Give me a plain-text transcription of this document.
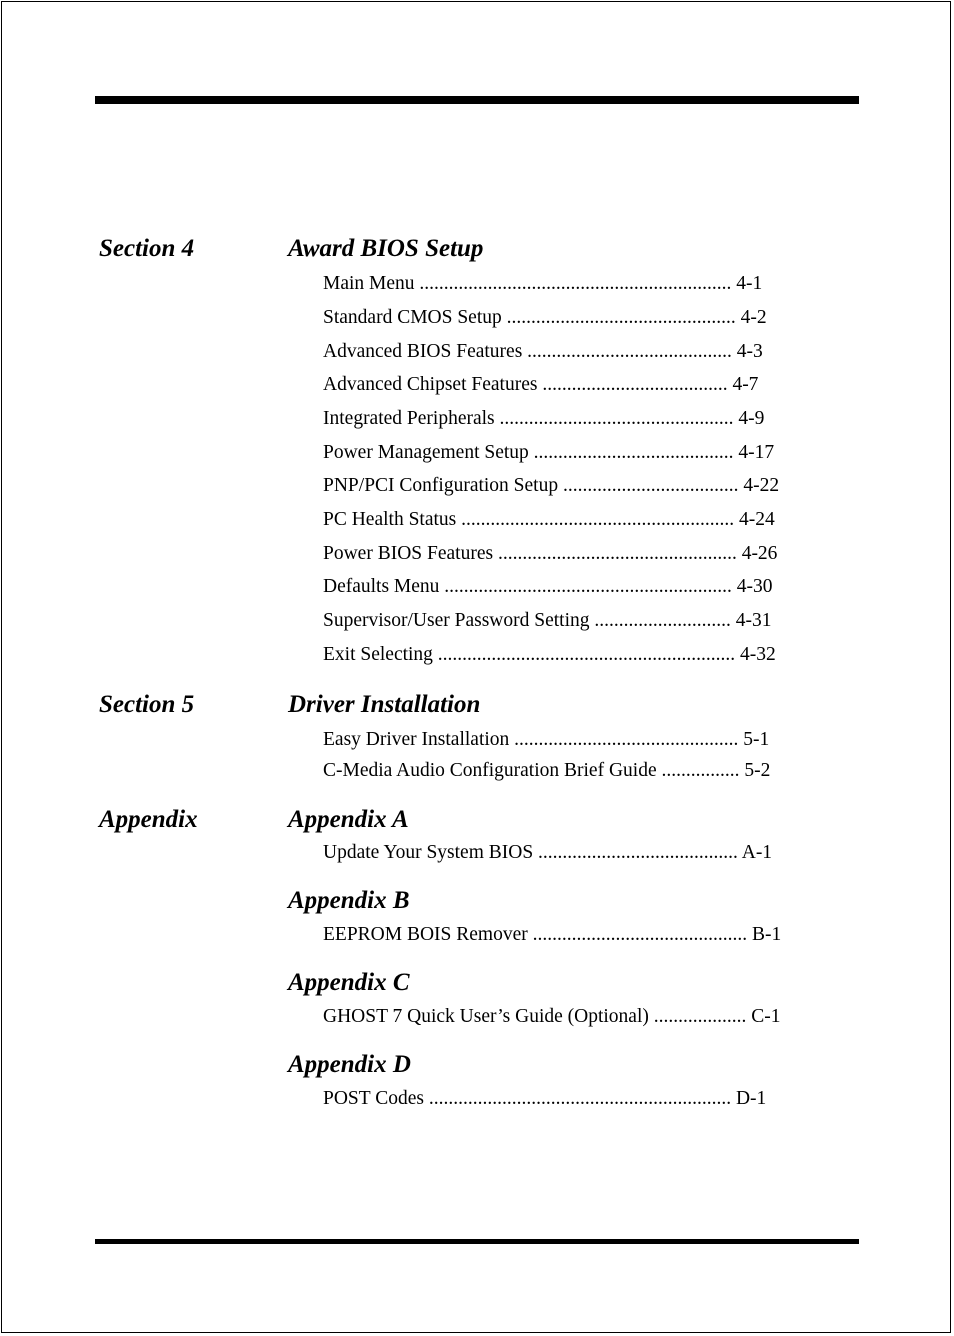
Section 4	Award BIOS Setup
Main Menu ................................................................ 4-1
Standard CMOS Setup ............................................... 4-2
Advanced BIOS Features .......................................... 4-3
Advanced Chipset Features ...................................... 4-7
Integrated Peripherals ................................................ 4-9
Power Management Setup ......................................... 4-17
PNP/PCI Configuration Setup .................................... 4-22
PC Health Status ........................................................ 4-24
Power BIOS Features ................................................. 4-26
Defaults Menu ........................................................... 4-30
Supervisor/User Password Setting ............................ 4-31
Exit Selecting ............................................................. 4-32
Section 5	Driver Installation
Easy Driver Installation .............................................. 5-1
C-Media Audio Configuration Brief Guide ................ 5-2
Appendix	Appendix A
Update Your System BIOS ......................................... A-1
Appendix B
EEPROM BOIS Remover ............................................ B-1
Appendix C
GHOST 7 Quick User’s Guide (Optional) ................... C-1
Appendix D
POST Codes .............................................................. D-1
